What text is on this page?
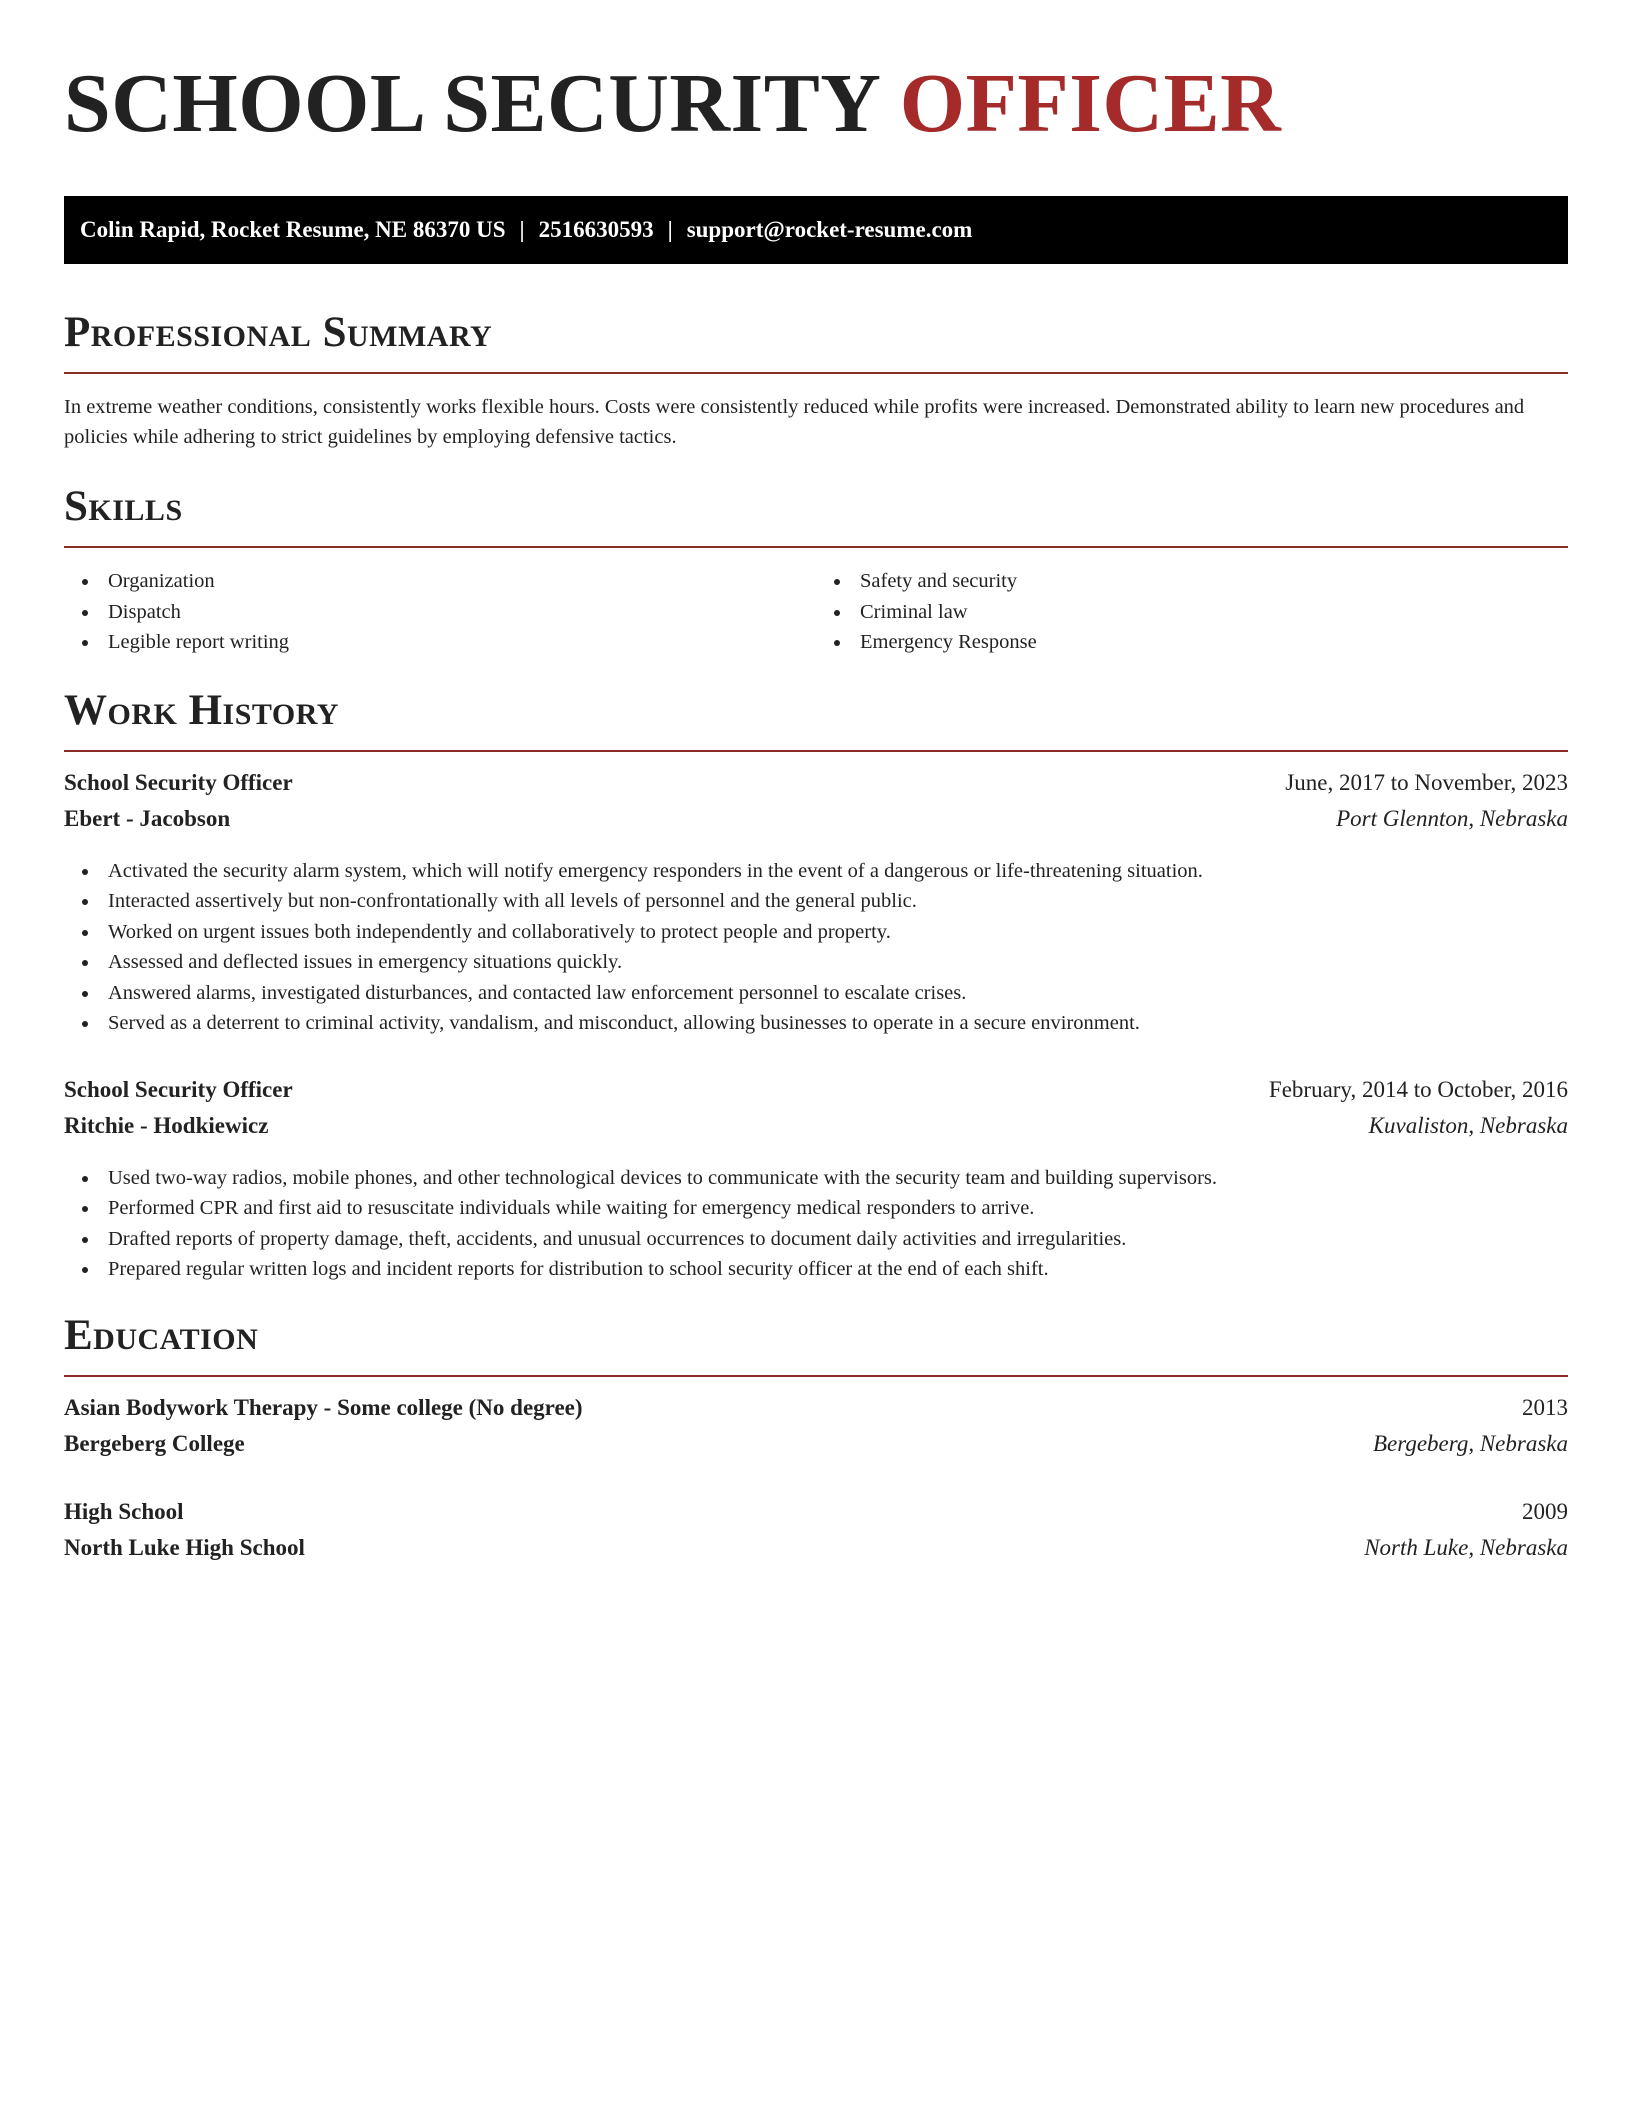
SCHOOL SECURITY OFFICER
Colin Rapid, Rocket Resume, NE 86370 US | 2516630593 | support@rocket-resume.com
Professional Summary

In extreme weather conditions, consistently works flexible hours. Costs were consistently reduced while profits were increased. Demonstrated ability to learn new procedures and policies while adhering to strict guidelines by employing defensive tactics.

Skills
Organization
Dispatch
Legible report writing
Safety and security
Criminal law
Emergency Response
Work History
School Security Officer	June, 2017 to November, 2023
Ebert - Jacobson	Port Glennton, Nebraska
Activated the security alarm system, which will notify emergency responders in the event of a dangerous or life-threatening situation.
Interacted assertively but non-confrontationally with all levels of personnel and the general public.
Worked on urgent issues both independently and collaboratively to protect people and property.
Assessed and deflected issues in emergency situations quickly.
Answered alarms, investigated disturbances, and contacted law enforcement personnel to escalate crises.
Served as a deterrent to criminal activity, vandalism, and misconduct, allowing businesses to operate in a secure environment.
School Security Officer	February, 2014 to October, 2016
Ritchie - Hodkiewicz	Kuvaliston, Nebraska
Used two-way radios, mobile phones, and other technological devices to communicate with the security team and building supervisors.
Performed CPR and first aid to resuscitate individuals while waiting for emergency medical responders to arrive.
Drafted reports of property damage, theft, accidents, and unusual occurrences to document daily activities and irregularities.
Prepared regular written logs and incident reports for distribution to school security officer at the end of each shift.
Education
Asian Bodywork Therapy - Some college (No degree)	2013
Bergeberg College	Bergeberg, Nebraska
High School	2009
North Luke High School	North Luke, Nebraska
